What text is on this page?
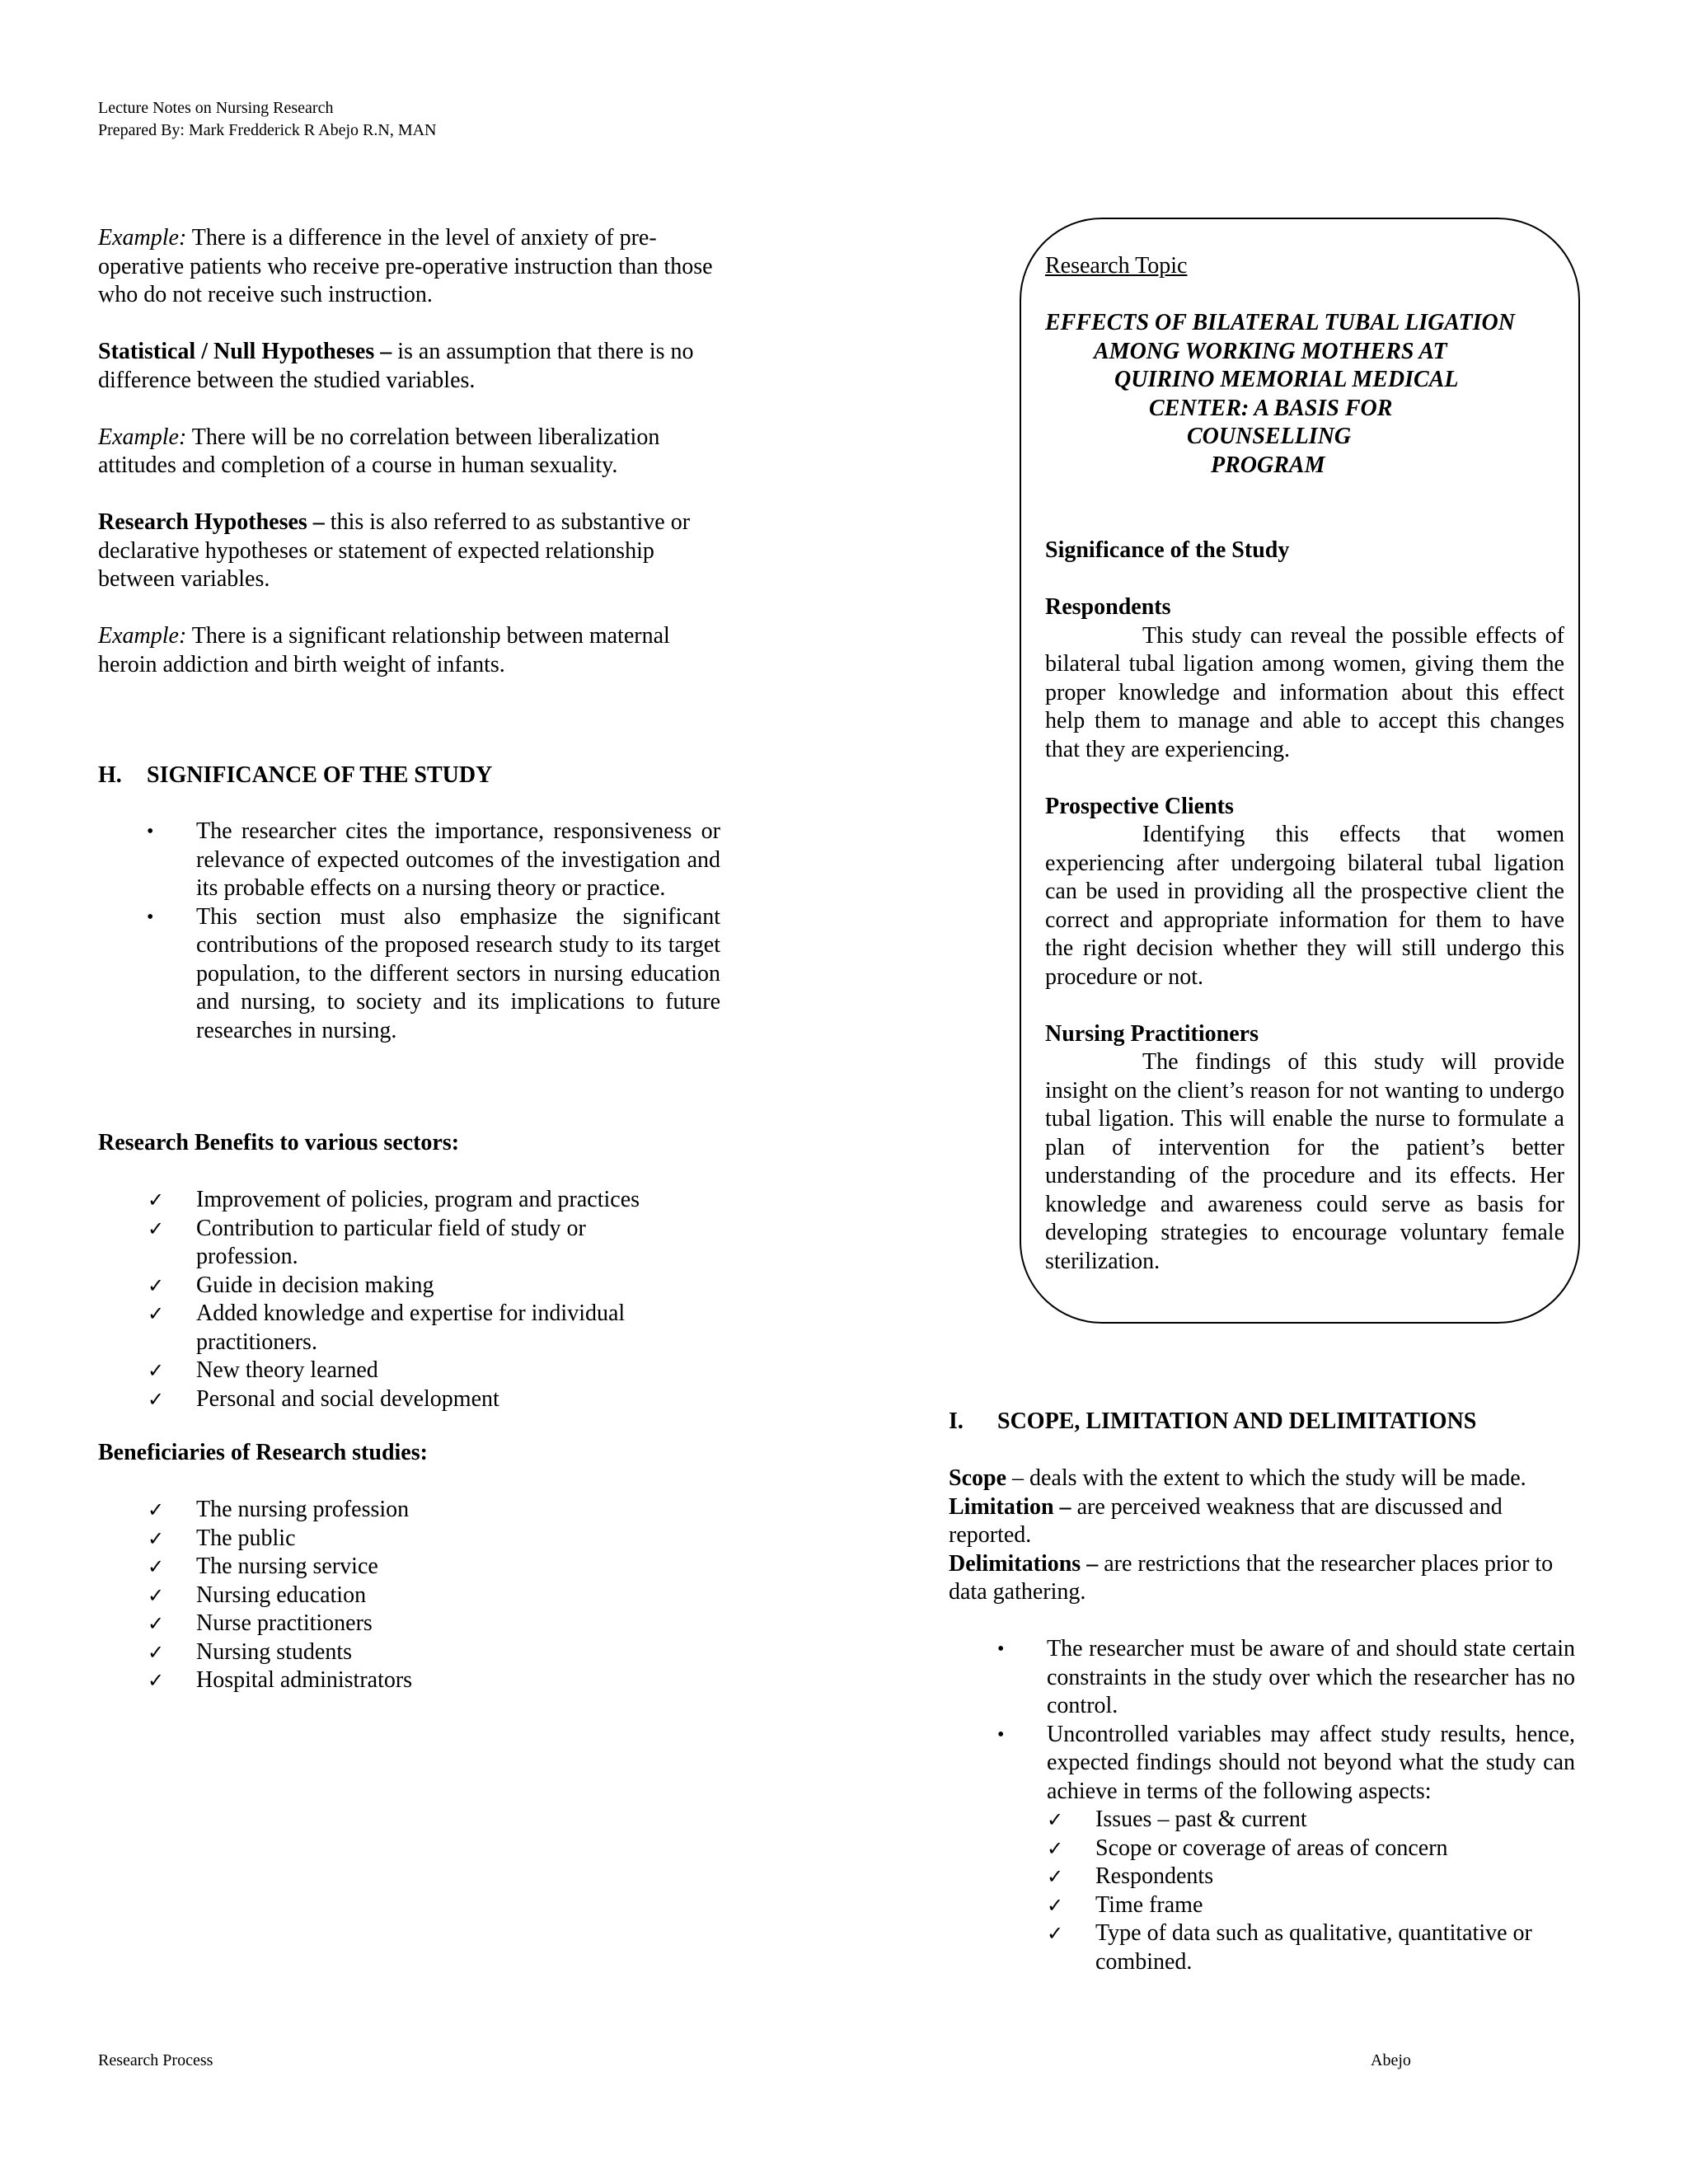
Lecture Notes on Nursing Research
Prepared By: Mark Fredderick R Abejo R.N, MAN

Example: There is a difference in the level of anxiety of pre-operative patients who receive pre-operative instruction than those who do not receive such instruction.

Statistical / Null Hypotheses – is an assumption that there is no difference between the studied variables.

Example: There will be no correlation between liberalization attitudes and completion of a course in human sexuality.

Research Hypotheses – this is also referred to as substantive or declarative hypotheses or statement of expected relationship between variables.

Example: There is a significant relationship between maternal heroin addiction and birth weight of infants.

H. SIGNIFICANCE OF THE STUDY
• The researcher cites the importance, responsiveness or relevance of expected outcomes of the investigation and its probable effects on a nursing theory or practice.
• This section must also emphasize the significant contributions of the proposed research study to its target population, to the different sectors in nursing education and nursing, to society and its implications to future researches in nursing.
Research Benefits to various sectors:
✓ Improvement of policies, program and practices
✓ Contribution to particular field of study or profession.
✓ Guide in decision making
✓ Added knowledge and expertise for individual practitioners.
✓ New theory learned
✓ Personal and social development
Beneficiaries of Research studies:
✓ The nursing profession
✓ The public
✓ The nursing service
✓ Nursing education
✓ Nurse practitioners
✓ Nursing students
✓ Hospital administrators
Research Topic
EFFECTS OF BILATERAL TUBAL LIGATION
AMONG WORKING MOTHERS AT
QUIRINO MEMORIAL MEDICAL
CENTER: A BASIS FOR
COUNSELLING
PROGRAM
Significance of the Study
Respondents
This study can reveal the possible effects of bilateral tubal ligation among women, giving them the proper knowledge and information about this effect help them to manage and able to accept this changes that they are experiencing.
Prospective Clients
Identifying this effects that women experiencing after undergoing bilateral tubal ligation can be used in providing all the prospective client the correct and appropriate information for them to have the right decision whether they will still undergo this procedure or not.
Nursing Practitioners
The findings of this study will provide insight on the client’s reason for not wanting to undergo tubal ligation. This will enable the nurse to formulate a plan of intervention for the patient’s better understanding of the procedure and its effects. Her knowledge and awareness could serve as basis for developing strategies to encourage voluntary female sterilization.
I. SCOPE, LIMITATION AND DELIMITATIONS
Scope – deals with the extent to which the study will be made.
Limitation – are perceived weakness that are discussed and reported.
Delimitations – are restrictions that the researcher places prior to data gathering.
• The researcher must be aware of and should state certain constraints in the study over which the researcher has no control.
• Uncontrolled variables may affect study results, hence, expected findings should not beyond what the study can achieve in terms of the following aspects:
✓ Issues – past & current
✓ Scope or coverage of areas of concern
✓ Respondents
✓ Time frame
✓ Type of data such as qualitative, quantitative or combined.
Research Process	Abejo
